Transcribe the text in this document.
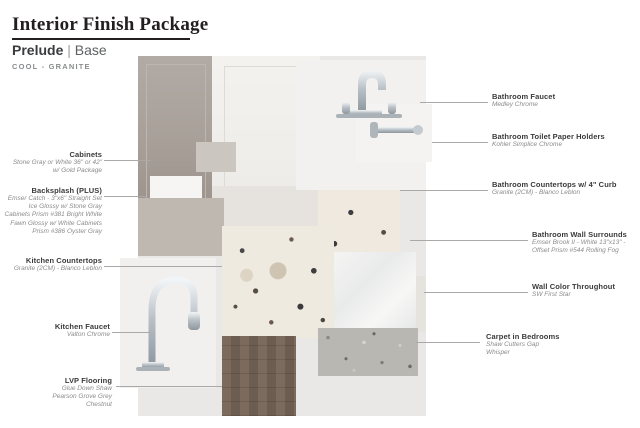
Interior Finish Package
Prelude | Base
COOL - GRANITE
Cabinets
Stone Gray or White 36" or 42"
w/ Gold Package
Backsplash (PLUS)
Emser Catch - 3"x6" Straight Set
Ice Glossy w/ Stone Gray
Cabinets Prism #381 Bright White
Fawn Glossy w/ White Cabinets
Prism #386 Oyster Gray
Kitchen Countertops
Granite (2CM) - Blanco Leblon
Kitchen Faucet
Valton Chrome
LVP Flooring
Glue Down Shaw
Pearson Grove Grey
Chestnut
Bathroom Faucet
Medley Chrome
Bathroom Toilet Paper Holders
Kohler Simplice Chrome
Bathroom Countertops w/ 4" Curb
Granite (2CM) - Blanco Leblon
Bathroom Wall Surrounds
Emser Brook II - White 13"x13" -
Offset Prism #544 Rolling Fog
Wall Color Throughout
SW First Star
Carpet in Bedrooms
Shaw Cutters Gap
Whisper
